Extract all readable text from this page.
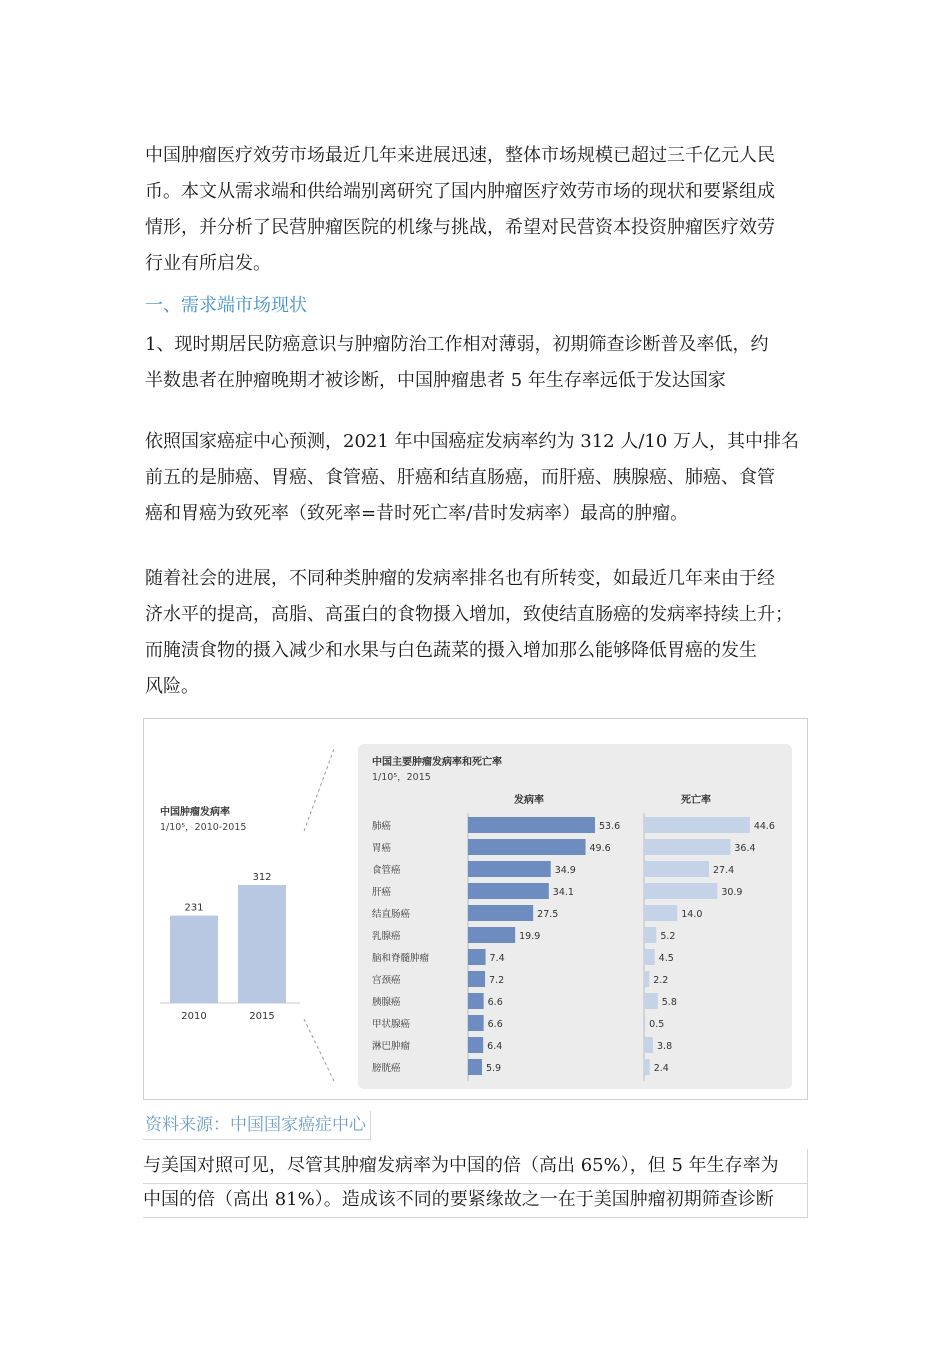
中国肿瘤医疗效劳市场最近几年来进展迅速，整体市场规模已超过三千亿元人民
币。本文从需求端和供给端别离研究了国内肿瘤医疗效劳市场的现状和要紧组成
情形，并分析了民营肿瘤医院的机缘与挑战，希望对民营资本投资肿瘤医疗效劳
行业有所启发。
一、需求端市场现状
1、现时期居民防癌意识与肿瘤防治工作相对薄弱，初期筛查诊断普及率低，约
半数患者在肿瘤晚期才被诊断，中国肿瘤患者 5 年生存率远低于发达国家
依照国家癌症中心预测，2021 年中国癌症发病率约为 312 人/10 万人，其中排名
前五的是肺癌、胃癌、食管癌、肝癌和结直肠癌，而肝癌、胰腺癌、肺癌、食管
癌和胃癌为致死率（致死率=昔时死亡率/昔时发病率）最高的肿瘤。
随着社会的进展，不同种类肿瘤的发病率排名也有所转变，如最近几年来由于经
济水平的提高，高脂、高蛋白的食物摄入增加，致使结直肠癌的发病率持续上升；
而腌渍食物的摄入减少和水果与白色蔬菜的摄入增加那么能够降低胃癌的发生
风险。
中国肿瘤发病率
1/10⁵，2010-2015
231
2010
312
2015
中国主要肿瘤发病率和死亡率
1/10⁵，2015
发病率	死亡率
肺癌	53.6	44.6
胃癌	49.6	36.4
食管癌	34.9	27.4
肝癌	34.1	30.9
结直肠癌	27.5	14.0
乳腺癌	19.9	5.2
脑和脊髓肿瘤	7.4	4.5
宫颈癌	7.2	2.2
胰腺癌	6.6	5.8
甲状腺癌	6.6	0.5
淋巴肿瘤	6.4	3.8
膀胱癌	5.9	2.4
资料来源：中国国家癌症中心
与美国对照可见，尽管其肿瘤发病率为中国的倍（高出 65%），但 5 年生存率为
中国的倍（高出 81%）。造成该不同的要紧缘故之一在于美国肿瘤初期筛查诊断
